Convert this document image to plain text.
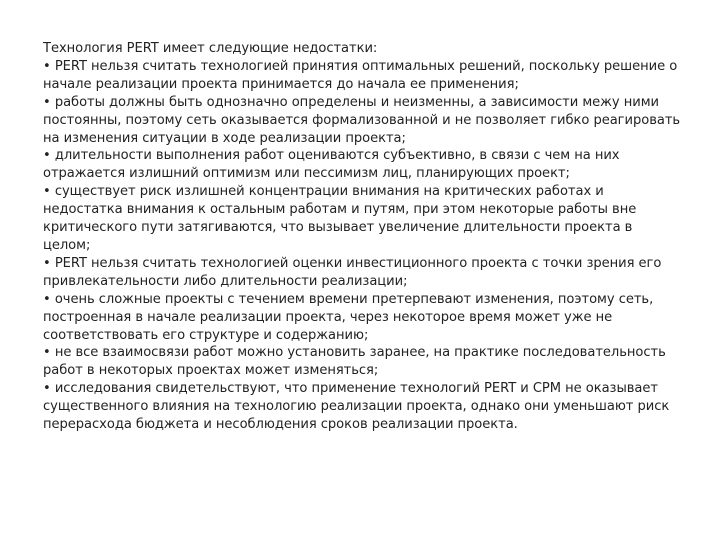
Технология PERT имеет следующие недостатки:

• PERT нельзя считать технологией принятия оптимальных решений, поскольку решение о начале реализации проекта принимается до начала ее применения;
• работы должны быть однозначно определены и неизменны, а зависимости межу ними постоянны, поэтому сеть оказывается формализованной и не позволяет гибко реагировать на изменения ситуации в ходе реализации проекта;
• длительности выполнения работ оцениваются субъективно, в связи с чем на них отражается излишний оптимизм или пессимизм лиц, планирующих проект;
• существует риск излишней концентрации внимания на критических работах и недостатка внимания к остальным работам и путям, при этом некоторые работы вне критического пути затягиваются, что вызывает увеличение длительности проекта в целом;
• PERT нельзя считать технологией оценки инвестиционного проекта с точки зрения его привлекательности либо длительности реализации;
• очень сложные проекты с течением времени претерпевают изменения, поэтому сеть, построенная в начале реализации проекта, через некоторое время может уже не соответствовать его структуре и содержанию;
• не все взаимосвязи работ можно установить заранее, на практике последовательность работ в некоторых проектах может изменяться;
• исследования свидетельствуют, что применение технологий PERT и CPM не оказывает существенного влияния на технологию реализации проекта, однако они уменьшают риск перерасхода бюджета и несоблюдения сроков реализации проекта.
